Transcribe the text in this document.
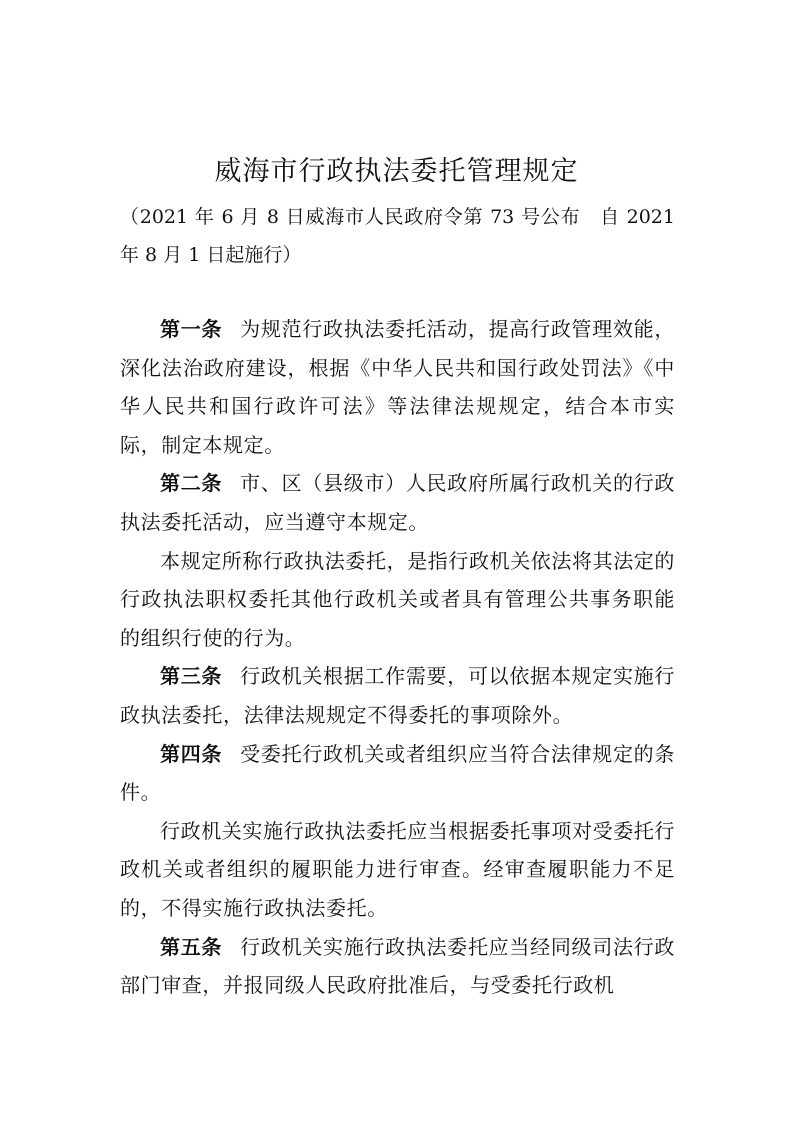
威海市行政执法委托管理规定

（2021 年 6 月 8 日威海市人民政府令第 73 号公布　自 2021 年 8 月 1 日起施行）

第一条 为规范行政执法委托活动，提高行政管理效能，深化法治政府建设，根据《中华人民共和国行政处罚法》《中华人民共和国行政许可法》等法律法规规定，结合本市实际，制定本规定。

第二条 市、区（县级市）人民政府所属行政机关的行政执法委托活动，应当遵守本规定。

本规定所称行政执法委托，是指行政机关依法将其法定的行政执法职权委托其他行政机关或者具有管理公共事务职能的组织行使的行为。

第三条 行政机关根据工作需要，可以依据本规定实施行政执法委托，法律法规规定不得委托的事项除外。

第四条 受委托行政机关或者组织应当符合法律规定的条件。

行政机关实施行政执法委托应当根据委托事项对受委托行政机关或者组织的履职能力进行审查。经审查履职能力不足的，不得实施行政执法委托。

第五条 行政机关实施行政执法委托应当经同级司法行政部门审查，并报同级人民政府批准后，与受委托行政机
